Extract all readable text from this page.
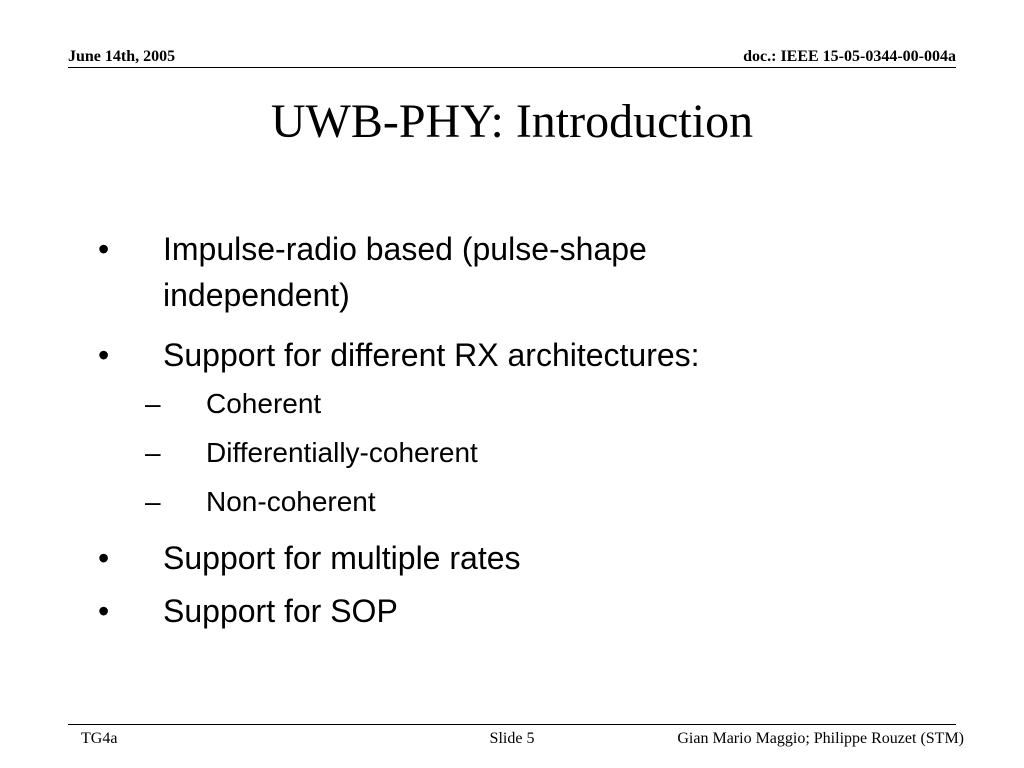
June 14th, 2005	doc.: IEEE 15-05-0344-00-004a
UWB-PHY: Introduction
• Impulse-radio based (pulse-shape
independent)
• Support for different RX architectures:
– Coherent
– Differentially-coherent
– Non-coherent
• Support for multiple rates
• Support for SOP
TG4a	Slide 5	Gian Mario Maggio; Philippe Rouzet (STM)
